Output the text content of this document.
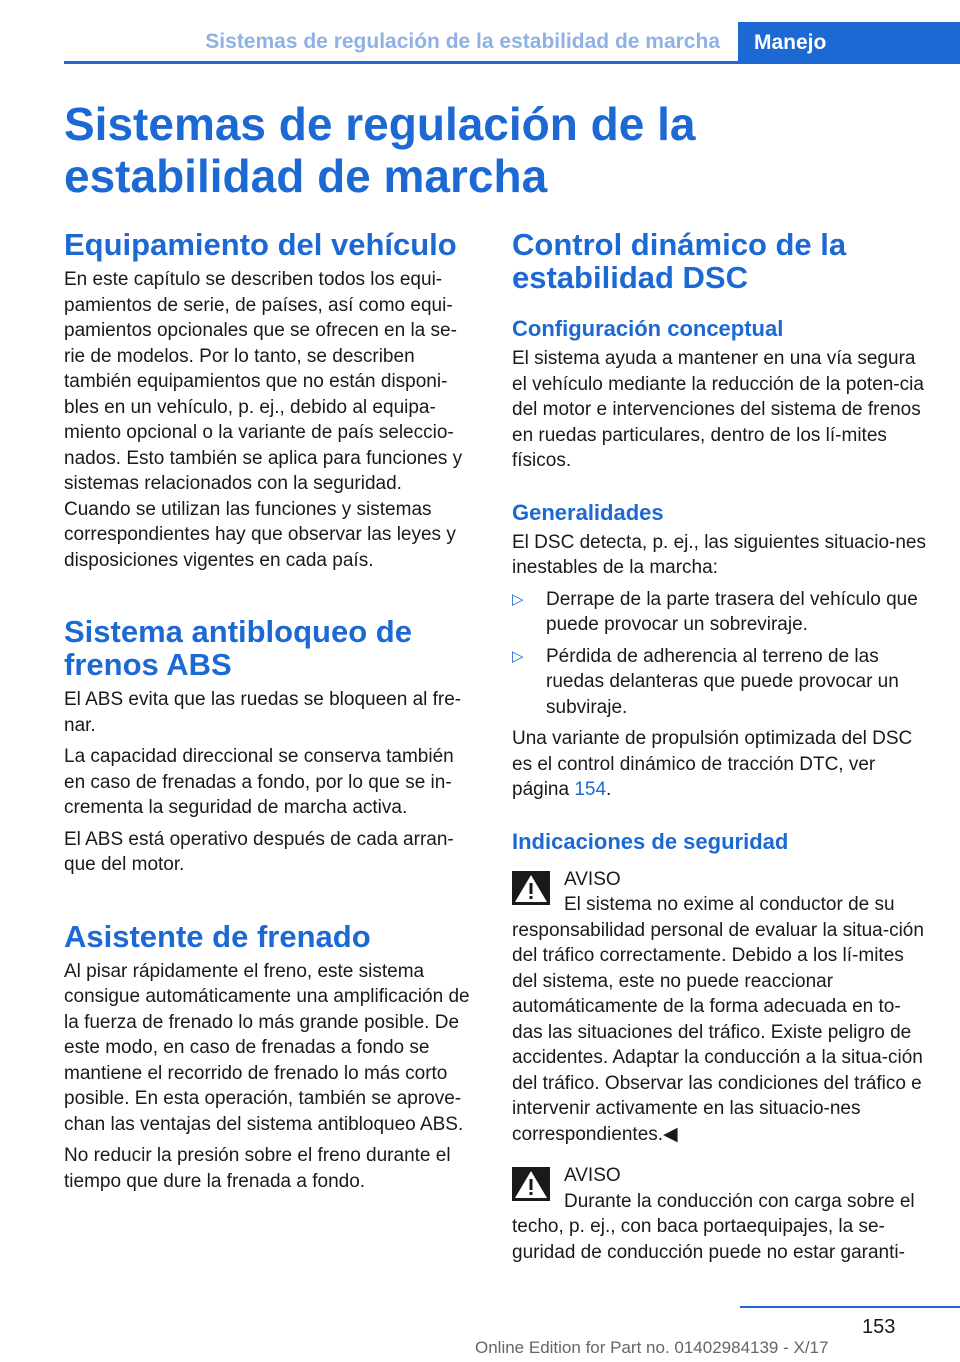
Sistemas de regulación de la estabilidad de marcha Manejo
Sistemas de regulación de la estabilidad de marcha
Equipamiento del vehículo

En este capítulo se describen todos los equi-pamientos de serie, de países, así como equi-pamientos opcionales que se ofrecen en la se-rie de modelos. Por lo tanto, se describen también equipamientos que no están disponi-bles en un vehículo, p. ej., debido al equipa-miento opcional o la variante de país seleccio-nados. Esto también se aplica para funciones y sistemas relacionados con la seguridad.

Cuando se utilizan las funciones y sistemas correspondientes hay que observar las leyes y disposiciones vigentes en cada país.

Sistema antibloqueo de frenos ABS

El ABS evita que las ruedas se bloqueen al fre-nar.

La capacidad direccional se conserva también en caso de frenadas a fondo, por lo que se in-crementa la seguridad de marcha activa.

El ABS está operativo después de cada arran-que del motor.

Asistente de frenado

Al pisar rápidamente el freno, este sistema consigue automáticamente una amplificación de la fuerza de frenado lo más grande posible. De este modo, en caso de frenadas a fondo se mantiene el recorrido de frenado lo más corto posible. En esta operación, también se aprove-chan las ventajas del sistema antibloqueo ABS.

No reducir la presión sobre el freno durante el tiempo que dure la frenada a fondo.

Control dinámico de la estabilidad DSC
Configuración conceptual

El sistema ayuda a mantener en una vía segura el vehículo mediante la reducción de la poten-cia del motor e intervenciones del sistema de frenos en ruedas particulares, dentro de los lí-mites físicos.

Generalidades

El DSC detecta, p. ej., las siguientes situacio-nes inestables de la marcha:

▷ Derrape de la parte trasera del vehículo que puede provocar un sobreviraje.
▷ Pérdida de adherencia al terreno de las ruedas delanteras que puede provocar un subviraje.

Una variante de propulsión optimizada del DSC es el control dinámico de tracción DTC, ver página 154.

Indicaciones de seguridad

AVISO

El sistema no exime al conductor de su responsabilidad personal de evaluar la situa-ción del tráfico correctamente. Debido a los lí-mites del sistema, este no puede reaccionar automáticamente de la forma adecuada en to-das las situaciones del tráfico. Existe peligro de accidentes. Adaptar la conducción a la situa-ción del tráfico. Observar las condiciones del tráfico e intervenir activamente en las situacio-nes correspondientes.◀

AVISO

Durante la conducción con carga sobre el techo, p. ej., con baca portaequipajes, la se-guridad de conducción puede no estar garanti-

153
Online Edition for Part no. 01402984139 - X/17
